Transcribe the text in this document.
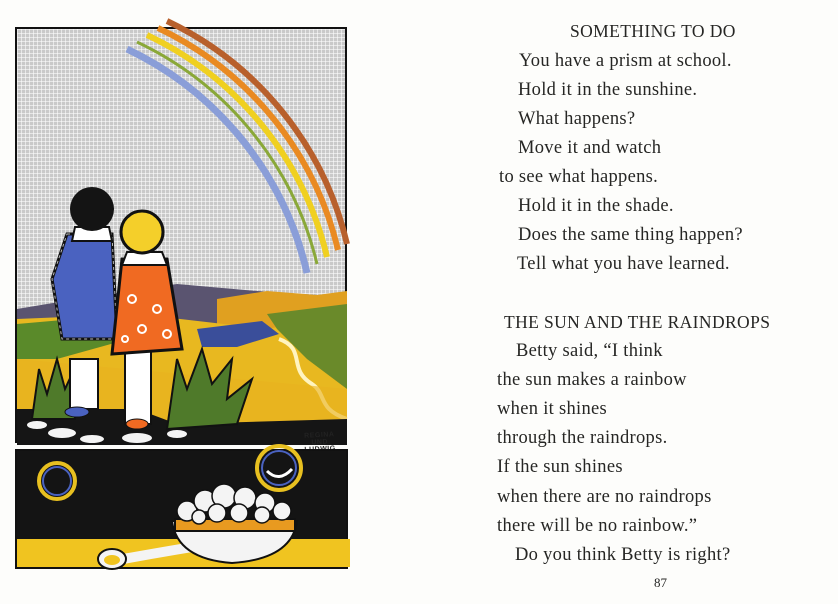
REGINA
UND
SOMETHING TO DO
You have a prism at school.
Hold it in the sunshine.
What happens?
Move it and watch
to see what happens.
Hold it in the shade.
Does the same thing happen?
Tell what you have learned.
THE SUN AND THE RAINDROPS
Betty said, “I think
the sun makes a rainbow
when it shines
through the raindrops.
If the sun shines
when there are no raindrops
there will be no rainbow.”
Do you think Betty is right?
87
